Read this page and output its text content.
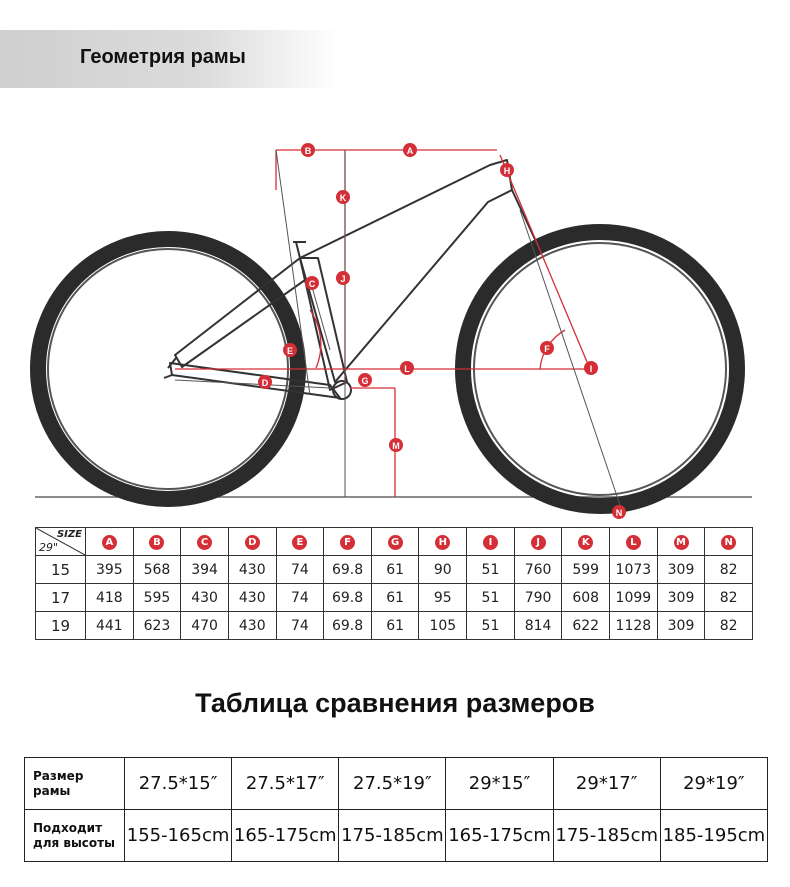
Геометрия рамы
A
B
C
D
E	F
G
H
I
J
K
L
M
N
SIZE
29"	A	B	C	D	E	F	G	H	I	J	K	L	M	N
15	395	568	394	430	74	69.8	61	90	51	760	599	1073	309	82
17	418	595	430	430	74	69.8	61	95	51	790	608	1099	309	82
19	441	623	470	430	74	69.8	61	105	51	814	622	1128	309	82
Таблица сравнения размеров
Размер
рамы	27.5*15″	27.5*17″	27.5*19″	29*15″	29*17″	29*19″
Подходит
для высоты	155-165cm	165-175cm	175-185cm	165-175cm	175-185cm	185-195cm
